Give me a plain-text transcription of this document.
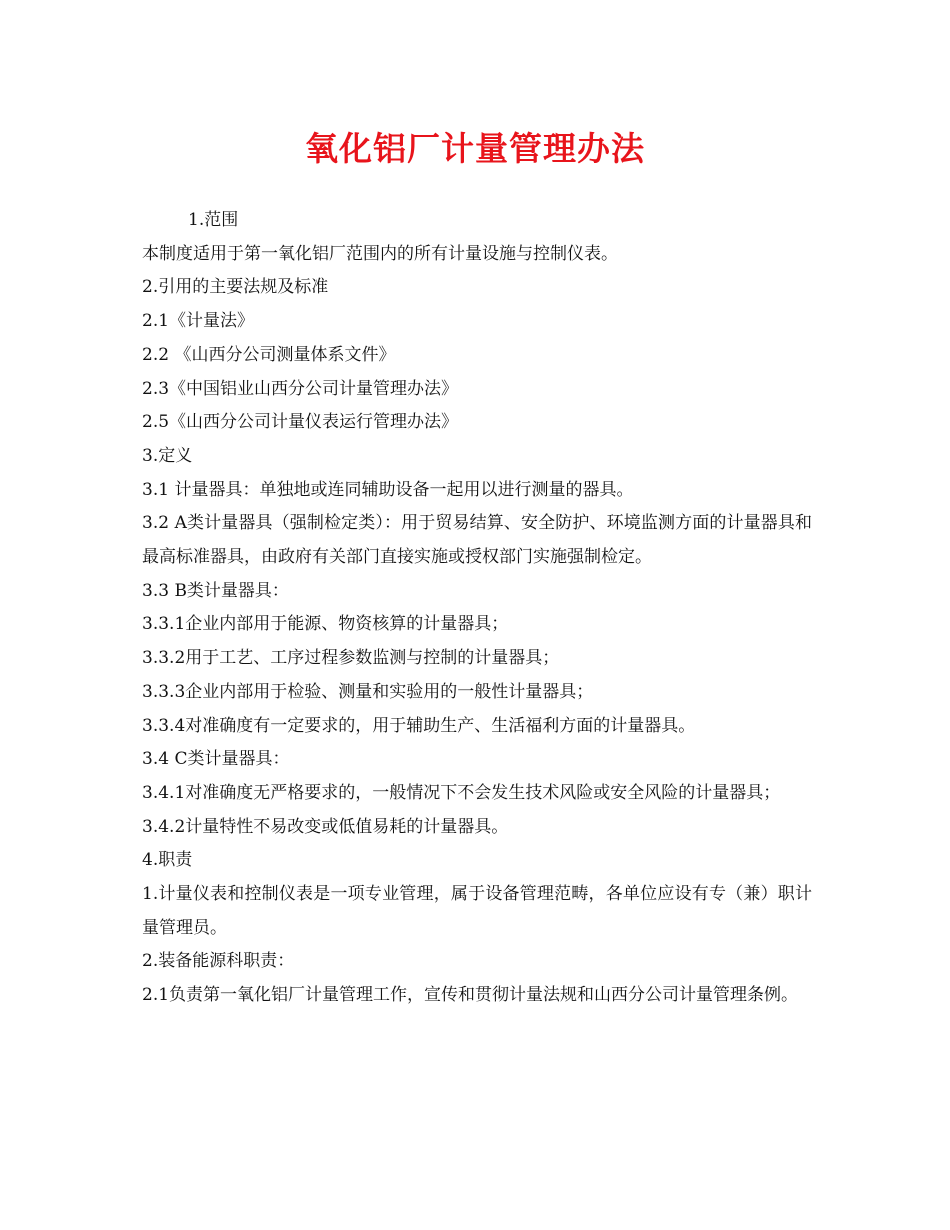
氧化铝厂计量管理办法

1.范围

本制度适用于第一氧化铝厂范围内的所有计量设施与控制仪表。

2.引用的主要法规及标准

2.1《计量法》

2.2 《山西分公司测量体系文件》

2.3《中国铝业山西分公司计量管理办法》

2.5《山西分公司计量仪表运行管理办法》

3.定义

3.1 计量器具：单独地或连同辅助设备一起用以进行测量的器具。

3.2 A类计量器具（强制检定类）：用于贸易结算、安全防护、环境监测方面的计量器具和最高标准器具，由政府有关部门直接实施或授权部门实施强制检定。

3.3 B类计量器具：

3.3.1企业内部用于能源、物资核算的计量器具；

3.3.2用于工艺、工序过程参数监测与控制的计量器具；

3.3.3企业内部用于检验、测量和实验用的一般性计量器具；

3.3.4对准确度有一定要求的，用于辅助生产、生活福利方面的计量器具。

3.4 C类计量器具：

3.4.1对准确度无严格要求的，一般情况下不会发生技术风险或安全风险的计量器具；

3.4.2计量特性不易改变或低值易耗的计量器具。

4.职责

1.计量仪表和控制仪表是一项专业管理，属于设备管理范畴，各单位应设有专（兼）职计量管理员。

2.装备能源科职责：

2.1负责第一氧化铝厂计量管理工作，宣传和贯彻计量法规和山西分公司计量管理条例。
